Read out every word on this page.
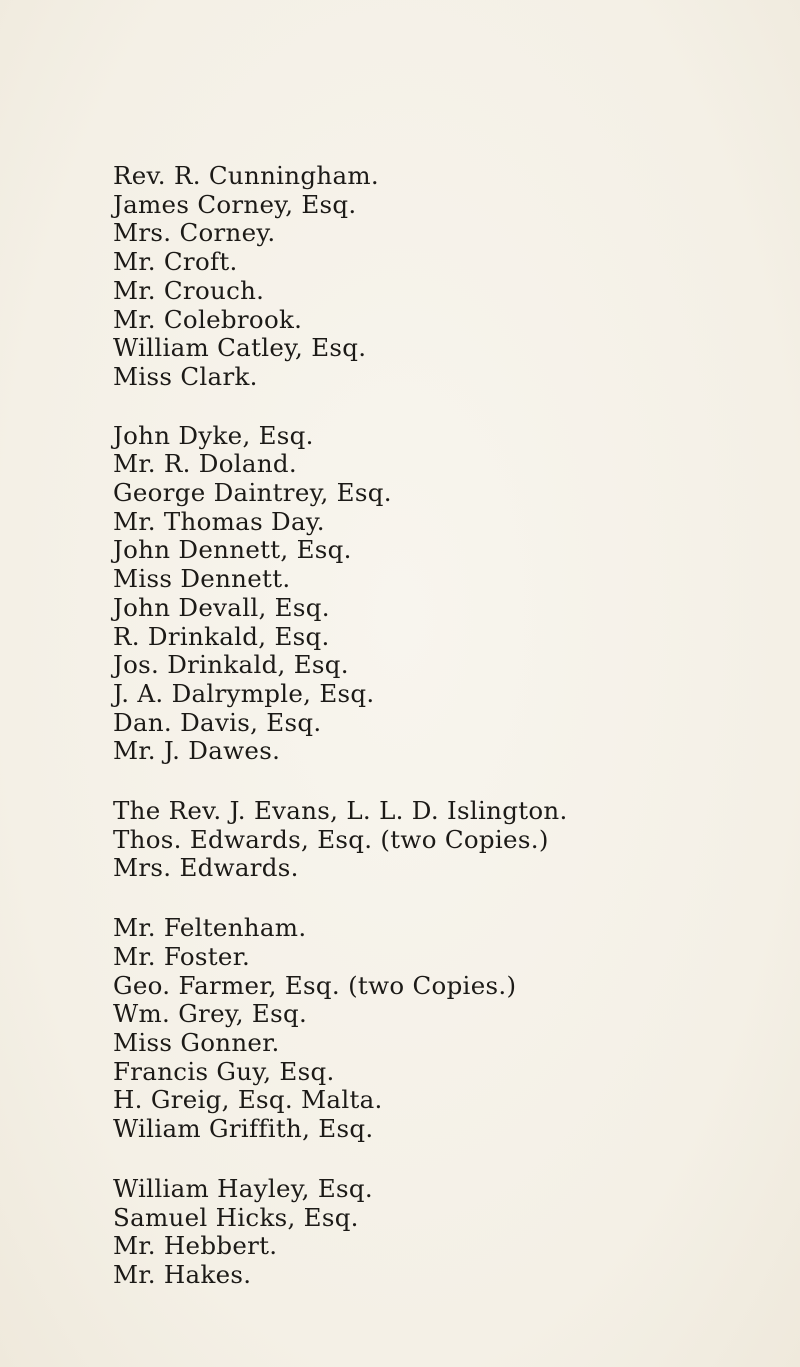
Rev. R. Cunningham.
James Corney, Esq.
Mrs. Corney.
Mr. Croft.
Mr. Crouch.
Mr. Colebrook.
William Catley, Esq.
Miss Clark.
John Dyke, Esq.
Mr. R. Doland.
George Daintrey, Esq.
Mr. Thomas Day.
John Dennett, Esq.
Miss Dennett.
John Devall, Esq.
R. Drinkald, Esq.
Jos. Drinkald, Esq.
J. A. Dalrymple, Esq.
Dan. Davis, Esq.
Mr. J. Dawes.
The Rev. J. Evans, L. L. D. Islington.
Thos. Edwards, Esq. (two Copies.)
Mrs. Edwards.
Mr. Feltenham.
Mr. Foster.
Geo. Farmer, Esq. (two Copies.)
Wm. Grey, Esq.
Miss Gonner.
Francis Guy, Esq.
H. Greig, Esq. Malta.
Wiliam Griffith, Esq.
William Hayley, Esq.
Samuel Hicks, Esq.
Mr. Hebbert.
Mr. Hakes.
